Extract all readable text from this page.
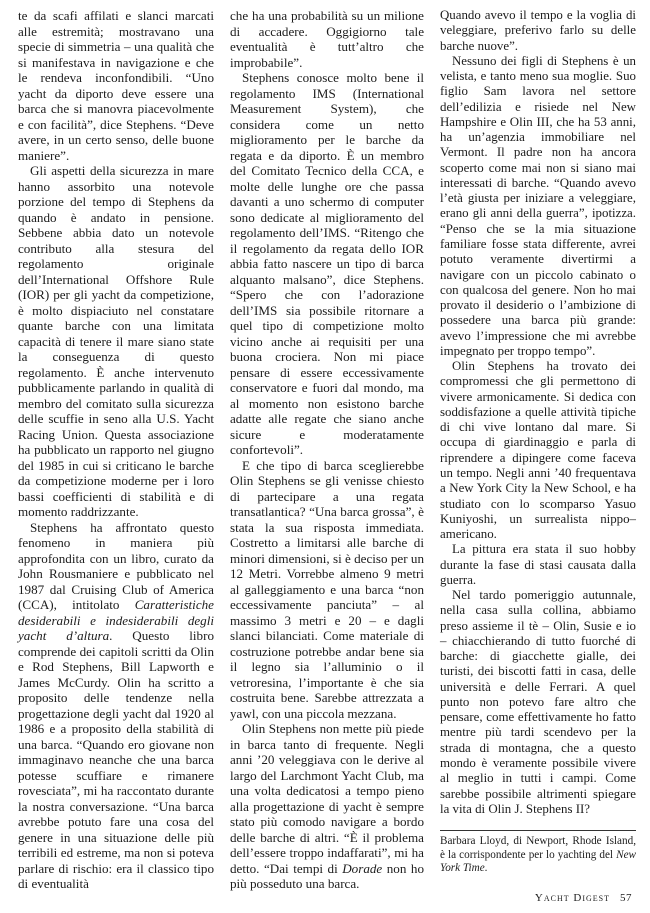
te da scafi affilati e slanci marcati alle estremità; mostravano una specie di simmetria – una qualità che si manifestava in navigazione e che le rendeva inconfondibili. “Uno yacht da diporto deve essere una barca che si manovra piacevolmente e con facilità”, dice Stephens. “Deve avere, in un certo senso, delle buone maniere”.

Gli aspetti della sicurezza in mare hanno assorbito una notevole porzione del tempo di Stephens da quando è andato in pensione. Sebbene abbia dato un notevole contributo alla stesura del regolamento originale dell’International Offshore Rule (IOR) per gli yacht da competizione, è molto dispiaciuto nel constatare quante barche con una limitata capacità di tenere il mare siano state la conseguenza di questo regolamento. È anche intervenuto pubblicamente parlando in qualità di membro del comitato sulla sicurezza delle scuffie in seno alla U.S. Yacht Racing Union. Questa associazione ha pubblicato un rapporto nel giugno del 1985 in cui si criticano le barche da competizione moderne per i loro bassi coefficienti di stabilità e di momento raddrizzante.

Stephens ha affrontato questo fenomeno in maniera più approfondita con un libro, curato da John Rousmaniere e pubblicato nel 1987 dal Cruising Club of America (CCA), intitolato Caratteristiche desiderabili e indesiderabili degli yacht d’altura. Questo libro comprende dei capitoli scritti da Olin e Rod Stephens, Bill Lapworth e James McCurdy. Olin ha scritto a proposito delle tendenze nella progettazione degli yacht dal 1920 al 1986 e a proposito della stabilità di una barca. “Quando ero giovane non immaginavo neanche che una barca potesse scuffiare e rimanere rovesciata”, mi ha raccontato durante la nostra conversazione. “Una barca avrebbe potuto fare una cosa del genere in una situazione delle più terribili ed estreme, ma non si poteva parlare di rischio: era il classico tipo di eventualità

che ha una probabilità su un milione di accadere. Oggigiorno tale eventualità è tutt’altro che improbabile”.

Stephens conosce molto bene il regolamento IMS (International Measurement System), che considera come un netto miglioramento per le barche da regata e da diporto. È un membro del Comitato Tecnico della CCA, e molte delle lunghe ore che passa davanti a uno schermo di computer sono dedicate al miglioramento del regolamento dell’IMS. “Ritengo che il regolamento da regata dello IOR abbia fatto nascere un tipo di barca alquanto malsano”, dice Stephens. “Spero che con l’adorazione dell’IMS sia possibile ritornare a quel tipo di competizione molto vicino anche ai requisiti per una buona crociera. Non mi piace pensare di essere eccessivamente conservatore e fuori dal mondo, ma al momento non esistono barche adatte alle regate che siano anche sicure e moderatamente confortevoli”.

E che tipo di barca sceglierebbe Olin Stephens se gli venisse chiesto di partecipare a una regata transatlantica? “Una barca grossa”, è stata la sua risposta immediata. Costretto a limitarsi alle barche di minori dimensioni, si è deciso per un 12 Metri. Vorrebbe almeno 9 metri al galleggiamento e una barca “non eccessivamente panciuta” – al massimo 3 metri e 20 – e dagli slanci bilanciati. Come materiale di costruzione potrebbe andar bene sia il legno sia l’alluminio o il vetroresina, l’importante è che sia costruita bene. Sarebbe attrezzata a yawl, con una piccola mezzana.

Olin Stephens non mette più piede in barca tanto di frequente. Negli anni ’20 veleggiava con le derive al largo del Larchmont Yacht Club, ma una volta dedicatosi a tempo pieno alla progettazione di yacht è sempre stato più comodo navigare a bordo delle barche di altri. “È il problema dell’essere troppo indaffarati”, mi ha detto. “Dai tempi di Dorade non ho più posseduto una barca.

Quando avevo il tempo e la voglia di veleggiare, preferivo farlo su delle barche nuove”.

Nessuno dei figli di Stephens è un velista, e tanto meno sua moglie. Suo figlio Sam lavora nel settore dell’edilizia e risiede nel New Hampshire e Olin III, che ha 53 anni, ha un’agenzia immobiliare nel Vermont. Il padre non ha ancora scoperto come mai non si siano mai interessati di barche. “Quando avevo l’età giusta per iniziare a veleggiare, erano gli anni della guerra”, ipotizza. “Penso che se la mia situazione familiare fosse stata differente, avrei potuto veramente divertirmi a navigare con un piccolo cabinato o con qualcosa del genere. Non ho mai provato il desiderio o l’ambizione di possedere una barca più grande: avevo l’impressione che mi avrebbe impegnato per troppo tempo”.

Olin Stephens ha trovato dei compromessi che gli permettono di vivere armonicamente. Si dedica con soddisfazione a quelle attività tipiche di chi vive lontano dal mare. Si occupa di giardinaggio e parla di riprendere a dipingere come faceva un tempo. Negli anni ’40 frequentava a New York City la New School, e ha studiato con lo scomparso Yasuo Kuniyoshi, un surrealista nippo–americano.

La pittura era stata il suo hobby durante la fase di stasi causata dalla guerra.

Nel tardo pomeriggio autunnale, nella casa sulla collina, abbiamo preso assieme il tè – Olin, Susie e io – chiacchierando di tutto fuorché di barche: di giacchette gialle, dei turisti, dei biscotti fatti in casa, delle università e delle Ferrari. A quel punto non potevo fare altro che pensare, come effettivamente ho fatto mentre più tardi scendevo per la strada di montagna, che a questo mondo è veramente possibile vivere al meglio in tutti i campi. Come sarebbe possibile altrimenti spiegare la vita di Olin J. Stephens II?

Barbara Lloyd, di Newport, Rhode Island, è la corrispondente per lo yachting del New York Time.
Yacht Digest 57
